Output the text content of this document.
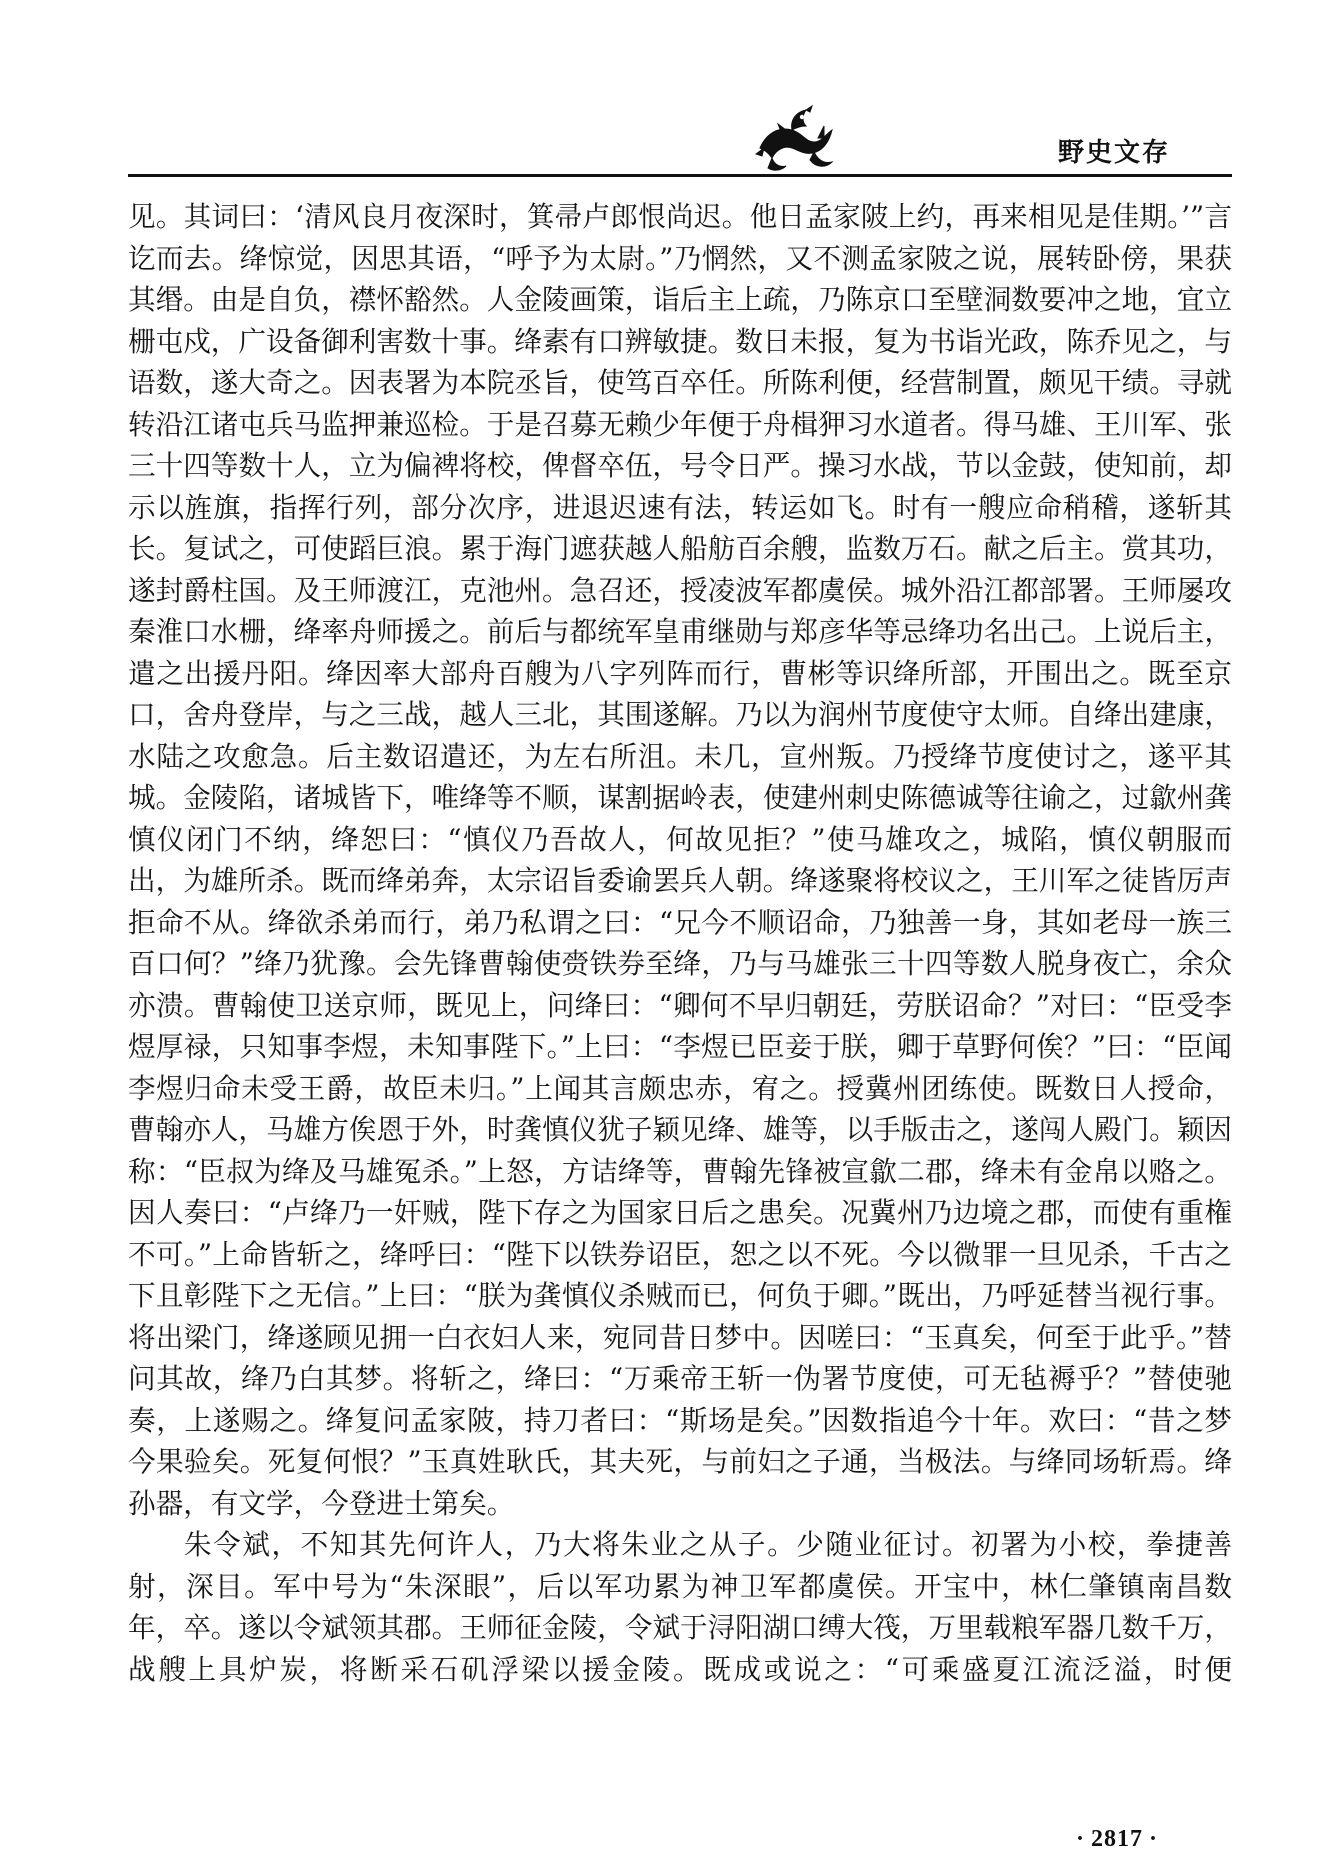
野史文存

见。其词曰：‘清风良月夜深时，箕帚卢郎恨尚迟。他日孟家陂上约，再来相见是佳期。’”言讫而去。绛惊觉，因思其语，“呼予为太尉。”乃惘然，又不测孟家陂之说，展转卧傍，果获其缗。由是自负，襟怀豁然。人金陵画策，诣后主上疏，乃陈京口至壁洞数要冲之地，宜立栅屯戍，广设备御利害数十事。绛素有口辨敏捷。数日未报，复为书诣光政，陈乔见之，与语数，遂大奇之。因表署为本院丞旨，使笃百卒任。所陈利便，经营制置，颇见干绩。寻就转沿江诸屯兵马监押兼巡检。于是召募无赖少年便于舟楫狎习水道者。得马雄、王川军、张三十四等数十人，立为偏裨将校，俾督卒伍，号令日严。操习水战，节以金鼓，使知前，却示以旌旗，指挥行列，部分次序，进退迟速有法，转运如飞。时有一艘应命稍稽，遂斩其长。复试之，可使蹈巨浪。累于海门遮获越人船舫百余艘，监数万石。献之后主。赏其功，遂封爵柱国。及王师渡江，克池州。急召还，授凌波军都虞侯。城外沿江都部署。王师屡攻秦淮口水栅，绛率舟师援之。前后与都统军皇甫继勋与郑彦华等忌绛功名出己。上说后主，遣之出援丹阳。绛因率大部舟百艘为八字列阵而行，曹彬等识绛所部，开围出之。既至京口，舍舟登岸，与之三战，越人三北，其围遂解。乃以为润州节度使守太师。自绛出建康，水陆之攻愈急。后主数诏遣还，为左右所沮。未几，宣州叛。乃授绛节度使讨之，遂平其城。金陵陷，诸城皆下，唯绛等不顺，谋割据岭表，使建州刺史陈德诚等往谕之，过歙州龚慎仪闭门不纳，绛恕曰：“慎仪乃吾故人，何故见拒？”使马雄攻之，城陷，慎仪朝服而出，为雄所杀。既而绛弟奔，太宗诏旨委谕罢兵人朝。绛遂聚将校议之，王川军之徒皆厉声拒命不从。绛欲杀弟而行，弟乃私谓之曰：“兄今不顺诏命，乃独善一身，其如老母一族三百口何？”绛乃犹豫。会先锋曹翰使赍铁券至绛，乃与马雄张三十四等数人脱身夜亡，余众亦溃。曹翰使卫送京师，既见上，问绛曰：“卿何不早归朝廷，劳朕诏命？”对曰：“臣受李煜厚禄，只知事李煜，未知事陛下。”上曰：“李煜已臣妾于朕，卿于草野何俟？”曰：“臣闻李煜归命未受王爵，故臣未归。”上闻其言颇忠赤，宥之。授冀州团练使。既数日人授命，曹翰亦人，马雄方俟恩于外，时龚慎仪犹子颖见绛、雄等，以手版击之，遂闯人殿门。颖因称：“臣叔为绛及马雄冤杀。”上怒，方诘绛等，曹翰先锋被宣歙二郡，绛未有金帛以赂之。因人奏曰：“卢绛乃一奸贼，陛下存之为国家日后之患矣。况冀州乃边境之郡，而使有重権不可。”上命皆斩之，绛呼曰：“陛下以铁券诏臣，恕之以不死。今以微罪一旦见杀，千古之下且彰陛下之无信。”上曰：“朕为龚慎仪杀贼而已，何负于卿。”既出，乃呼延替当视行事。将出梁门，绛遂顾见拥一白衣妇人来，宛同昔日梦中。因嗟曰：“玉真矣，何至于此乎。”替问其故，绛乃白其梦。将斩之，绛曰：“万乘帝王斩一伪署节度使，可无毡褥乎？”替使驰奏，上遂赐之。绛复问孟家陂，持刀者曰：“斯场是矣。”因数指追今十年。欢曰：“昔之梦今果验矣。死复何恨？”玉真姓耿氏，其夫死，与前妇之子通，当极法。与绛同场斩焉。绛孙器，有文学，今登进士第矣。

朱令斌，不知其先何许人，乃大将朱业之从子。少随业征讨。初署为小校，拳捷善射，深目。军中号为“朱深眼”，后以军功累为神卫军都虞侯。开宝中，林仁肇镇南昌数年，卒。遂以令斌领其郡。王师征金陵，令斌于浔阳湖口缚大筏，万里载粮军器几数千万，战艘上具炉炭，将断采石矶浮梁以援金陵。既成或说之：“可乘盛夏江流泛溢，时便

· 2817 ·
